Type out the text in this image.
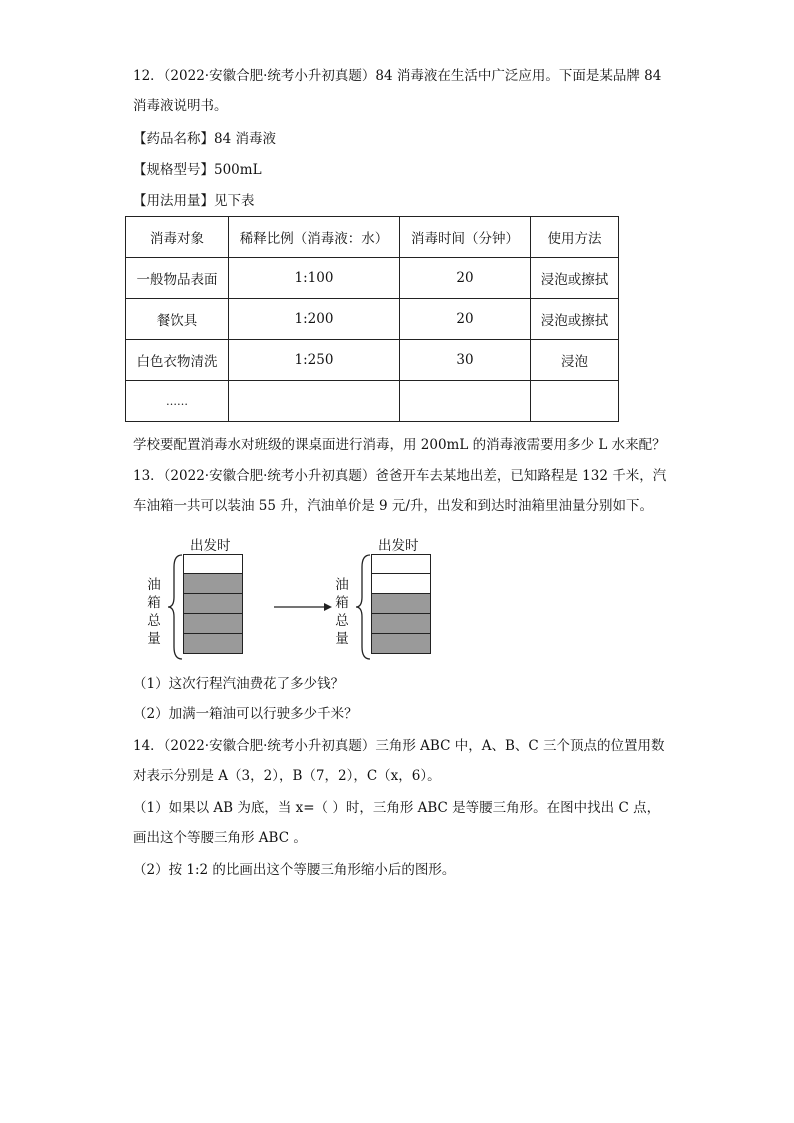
12．（2022·安徽合肥·统考小升初真题）84 消毒液在生活中广泛应用。下面是某品牌 84
消毒液说明书。
【药品名称】84 消毒液
【规格型号】500mL
【用法用量】见下表
消毒对象	稀释比例（消毒液：水）	消毒时间（分钟）	使用方法
一般物品表面	1:100	20	浸泡或擦拭
餐饮具	1:200	20	浸泡或擦拭
白色衣物清洗	1:250	30	浸泡
……			
学校要配置消毒水对班级的课桌面进行消毒，用 200mL 的消毒液需要用多少 L 水来配？
13．（2022·安徽合肥·统考小升初真题）爸爸开车去某地出差，已知路程是 132 千米，汽
车油箱一共可以装油 55 升，汽油单价是 9 元/升，出发和到达时油箱里油量分别如下。
出发时
油
箱
总
量
出发时
油
箱
总
量
（1）这次行程汽油费花了多少钱？
（2）加满一箱油可以行驶多少千米？
14．（2022·安徽合肥·统考小升初真题）三角形 ABC 中，A、B、C 三个顶点的位置用数
对表示分别是 A（3，2），B（7，2），C（x，6）。
（1）如果以 AB 为底，当 x=（ ）时，三角形 ABC 是等腰三角形。在图中找出 C 点，
画出这个等腰三角形 ABC 。
（2）按 1:2 的比画出这个等腰三角形缩小后的图形。
